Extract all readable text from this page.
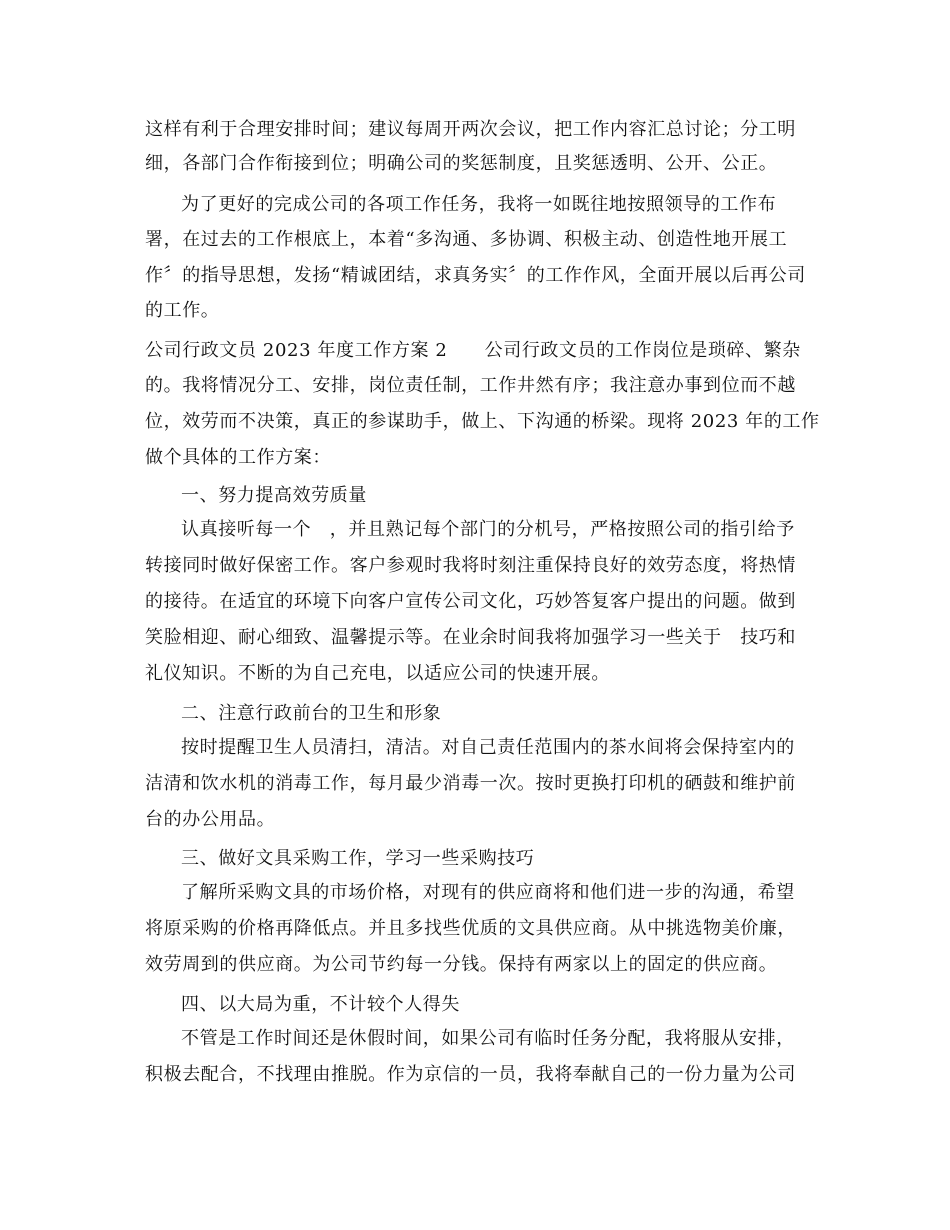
这样有利于合理安排时间；建议每周开两次会议，把工作内容汇总讨论；分工明
细，各部门合作衔接到位；明确公司的奖惩制度，且奖惩透明、公开、公正。
为了更好的完成公司的各项工作任务，我将一如既往地按照领导的工作布
署，在过去的工作根底上，本着“多沟通、多协调、积极主动、创造性地开展工
作〞的指导思想，发扬“精诚团结，求真务实〞的工作作风，全面开展以后再公司
的工作。
公司行政文员 2023 年度工作方案 2　　公司行政文员的工作岗位是琐碎、繁杂
的。我将情况分工、安排，岗位责任制，工作井然有序；我注意办事到位而不越
位，效劳而不决策，真正的参谋助手，做上、下沟通的桥梁。现将 2023 年的工作
做个具体的工作方案：
一、努力提高效劳质量
认真接听每一个　，并且熟记每个部门的分机号，严格按照公司的指引给予
转接同时做好保密工作。客户参观时我将时刻注重保持良好的效劳态度，将热情
的接待。在适宜的环境下向客户宣传公司文化，巧妙答复客户提出的问题。做到
笑脸相迎、耐心细致、温馨提示等。在业余时间我将加强学习一些关于　技巧和
礼仪知识。不断的为自己充电，以适应公司的快速开展。
二、注意行政前台的卫生和形象
按时提醒卫生人员清扫，清洁。对自己责任范围内的茶水间将会保持室内的
洁清和饮水机的消毒工作，每月最少消毒一次。按时更换打印机的硒鼓和维护前
台的办公用品。
三、做好文具采购工作，学习一些采购技巧
了解所采购文具的市场价格，对现有的供应商将和他们进一步的沟通，希望
将原采购的价格再降低点。并且多找些优质的文具供应商。从中挑选物美价廉，
效劳周到的供应商。为公司节约每一分钱。保持有两家以上的固定的供应商。
四、以大局为重，不计较个人得失
不管是工作时间还是休假时间，如果公司有临时任务分配，我将服从安排，
积极去配合，不找理由推脱。作为京信的一员，我将奉献自己的一份力量为公司
